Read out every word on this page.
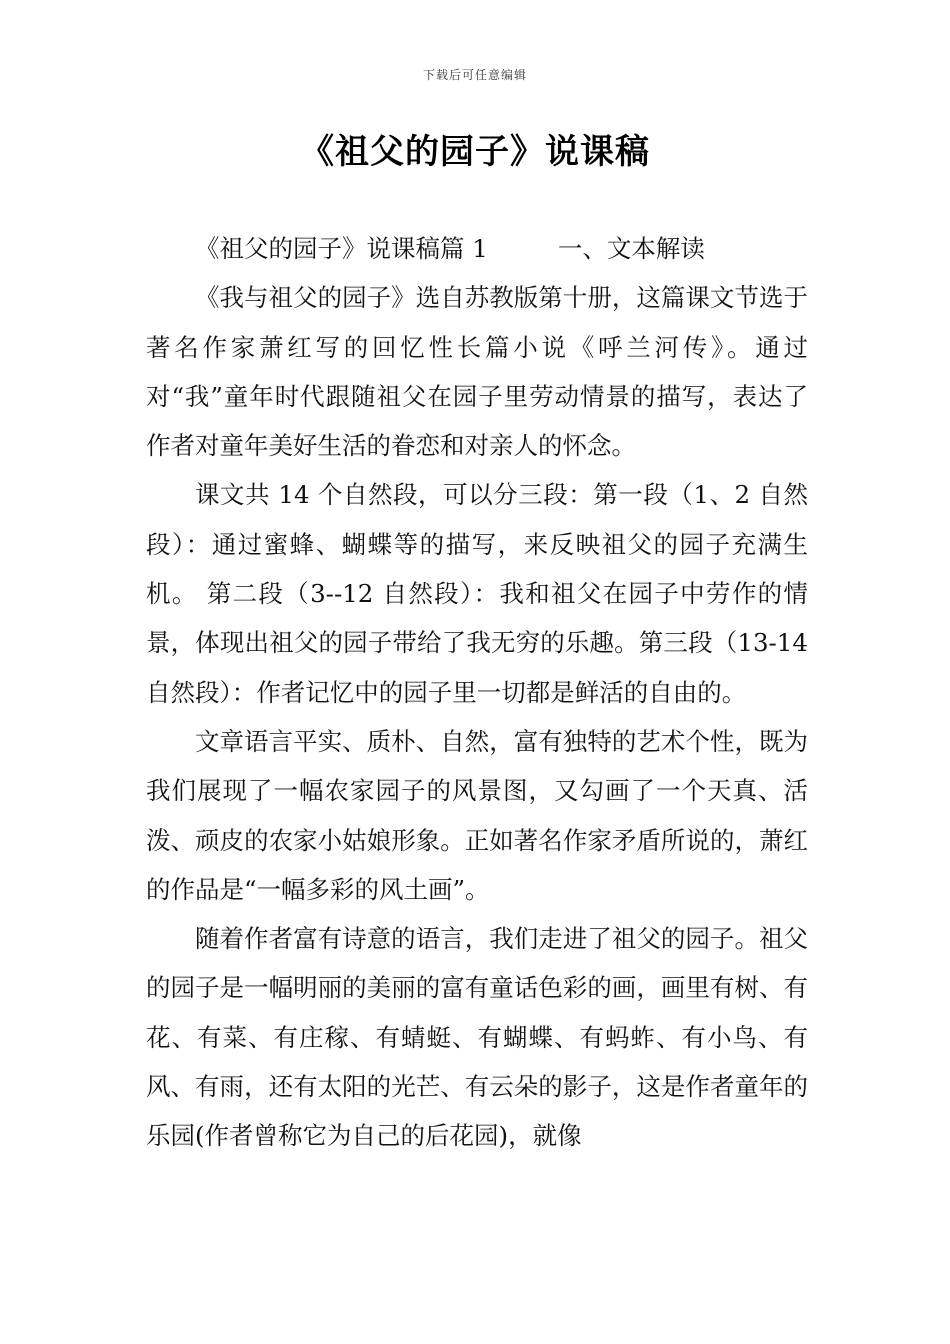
下载后可任意编辑
《祖父的园子》说课稿

《祖父的园子》说课稿篇 1	一、文本解读

《我与祖父的园子》选自苏教版第十册，这篇课文节选于著名作家萧红写的回忆性长篇小说《呼兰河传》。通过对“我”童年时代跟随祖父在园子里劳动情景的描写，表达了作者对童年美好生活的眷恋和对亲人的怀念。

课文共 14 个自然段，可以分三段：第一段（1、2 自然段）：通过蜜蜂、蝴蝶等的描写，来反映祖父的园子充满生机。 第二段（3--12 自然段）：我和祖父在园子中劳作的情景，体现出祖父的园子带给了我无穷的乐趣。第三段（13-14 自然段）：作者记忆中的园子里一切都是鲜活的自由的。

文章语言平实、质朴、自然，富有独特的艺术个性，既为我们展现了一幅农家园子的风景图，又勾画了一个天真、活泼、顽皮的农家小姑娘形象。正如著名作家矛盾所说的，萧红的作品是“一幅多彩的风土画”。

随着作者富有诗意的语言，我们走进了祖父的园子。祖父的园子是一幅明丽的美丽的富有童话色彩的画，画里有树、有花、有菜、有庄稼、有蜻蜓、有蝴蝶、有蚂蚱、有小鸟、有风、有雨，还有太阳的光芒、有云朵的影子，这是作者童年的乐园(作者曾称它为自己的后花园)，就像
